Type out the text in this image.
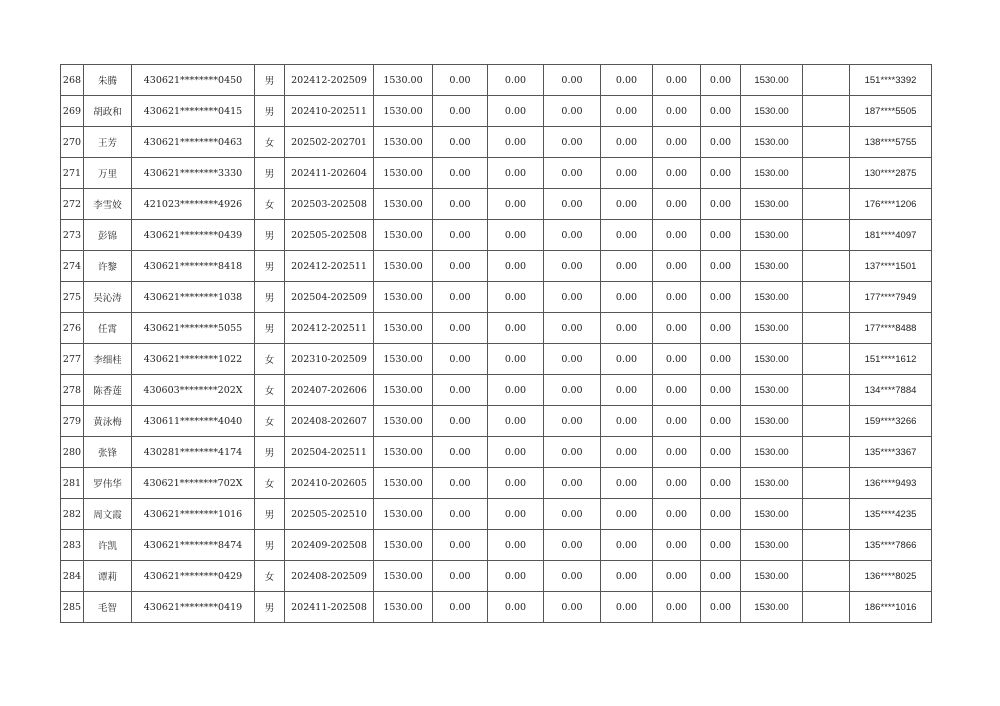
268	朱腾	430621********0450	男	202412-202509	1530.00	0.00	0.00	0.00	0.00	0.00	0.00	1530.00		151****3392
269	胡政和	430621********0415	男	202410-202511	1530.00	0.00	0.00	0.00	0.00	0.00	0.00	1530.00		187****5505
270	王芳	430621********0463	女	202502-202701	1530.00	0.00	0.00	0.00	0.00	0.00	0.00	1530.00		138****5755
271	万里	430621********3330	男	202411-202604	1530.00	0.00	0.00	0.00	0.00	0.00	0.00	1530.00		130****2875
272	李雪姣	421023********4926	女	202503-202508	1530.00	0.00	0.00	0.00	0.00	0.00	0.00	1530.00		176****1206
273	彭锦	430621********0439	男	202505-202508	1530.00	0.00	0.00	0.00	0.00	0.00	0.00	1530.00		181****4097
274	许黎	430621********8418	男	202412-202511	1530.00	0.00	0.00	0.00	0.00	0.00	0.00	1530.00		137****1501
275	吴沁涛	430621********1038	男	202504-202509	1530.00	0.00	0.00	0.00	0.00	0.00	0.00	1530.00		177****7949
276	任霄	430621********5055	男	202412-202511	1530.00	0.00	0.00	0.00	0.00	0.00	0.00	1530.00		177****8488
277	李细桂	430621********1022	女	202310-202509	1530.00	0.00	0.00	0.00	0.00	0.00	0.00	1530.00		151****1612
278	陈香莲	430603********202X	女	202407-202606	1530.00	0.00	0.00	0.00	0.00	0.00	0.00	1530.00		134****7884
279	黄泳梅	430611********4040	女	202408-202607	1530.00	0.00	0.00	0.00	0.00	0.00	0.00	1530.00		159****3266
280	张锋	430281********4174	男	202504-202511	1530.00	0.00	0.00	0.00	0.00	0.00	0.00	1530.00		135****3367
281	罗伟华	430621********702X	女	202410-202605	1530.00	0.00	0.00	0.00	0.00	0.00	0.00	1530.00		136****9493
282	周文霞	430621********1016	男	202505-202510	1530.00	0.00	0.00	0.00	0.00	0.00	0.00	1530.00		135****4235
283	许凯	430621********8474	男	202409-202508	1530.00	0.00	0.00	0.00	0.00	0.00	0.00	1530.00		135****7866
284	谭莉	430621********0429	女	202408-202509	1530.00	0.00	0.00	0.00	0.00	0.00	0.00	1530.00		136****8025
285	毛智	430621********0419	男	202411-202508	1530.00	0.00	0.00	0.00	0.00	0.00	0.00	1530.00		186****1016
